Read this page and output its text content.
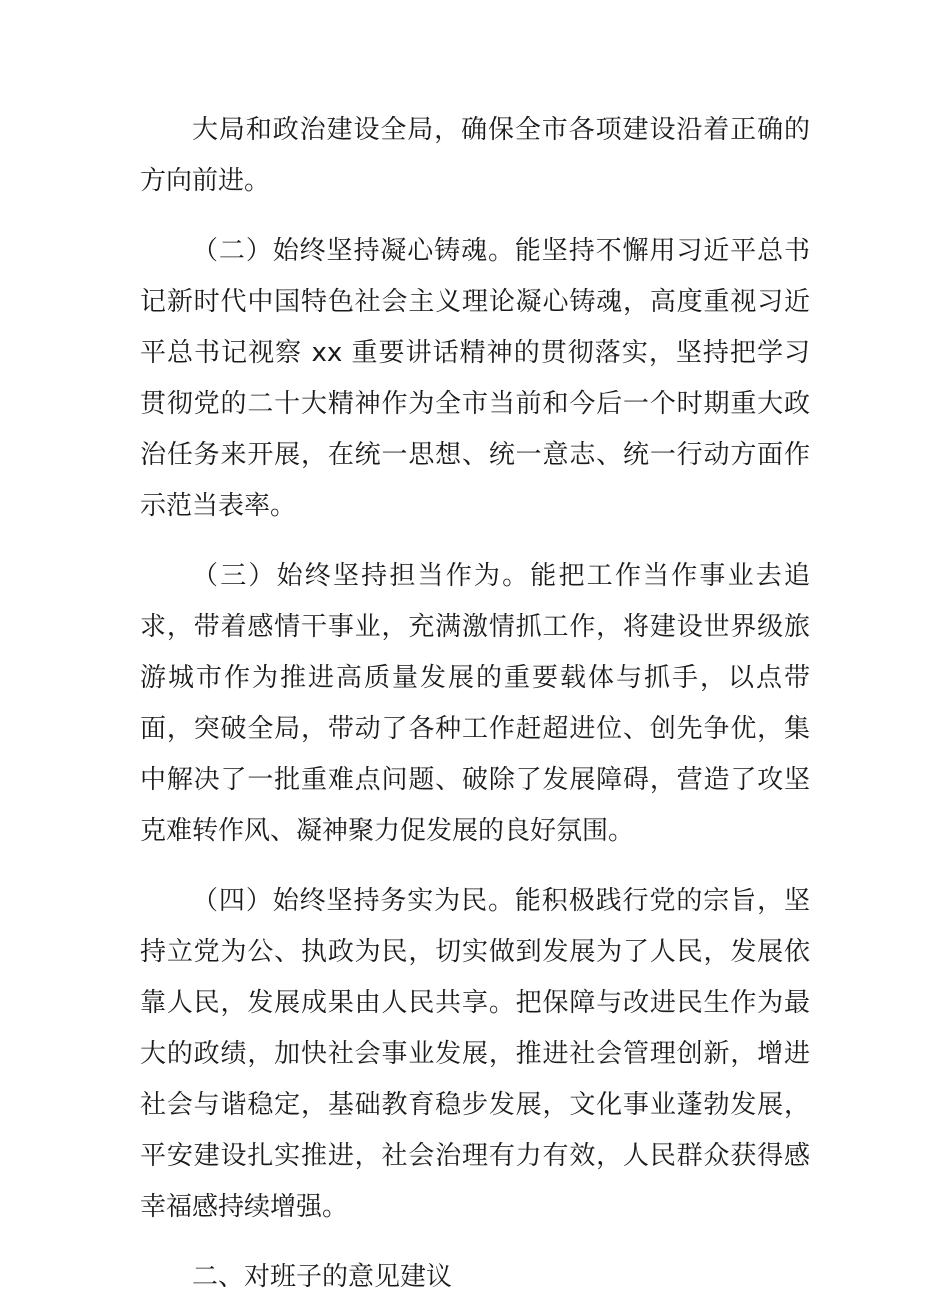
大局和政治建设全局，确保全市各项建设沿着正确的方向前进。

（二）始终坚持凝心铸魂。能坚持不懈用习近平总书记新时代中国特色社会主义理论凝心铸魂，高度重视习近平总书记视察 xx 重要讲话精神的贯彻落实，坚持把学习贯彻党的二十大精神作为全市当前和今后一个时期重大政治任务来开展，在统一思想、统一意志、统一行动方面作示范当表率。

（三）始终坚持担当作为。能把工作当作事业去追求，带着感情干事业，充满激情抓工作，将建设世界级旅游城市作为推进高质量发展的重要载体与抓手，以点带面，突破全局，带动了各种工作赶超进位、创先争优，集中解决了一批重难点问题、破除了发展障碍，营造了攻坚克难转作风、凝神聚力促发展的良好氛围。

（四）始终坚持务实为民。能积极践行党的宗旨，坚持立党为公、执政为民，切实做到发展为了人民，发展依靠人民，发展成果由人民共享。把保障与改进民生作为最大的政绩，加快社会事业发展，推进社会管理创新，增进社会与谐稳定，基础教育稳步发展，文化事业蓬勃发展，平安建设扎实推进，社会治理有力有效，人民群众获得感幸福感持续增强。

二、对班子的意见建议
